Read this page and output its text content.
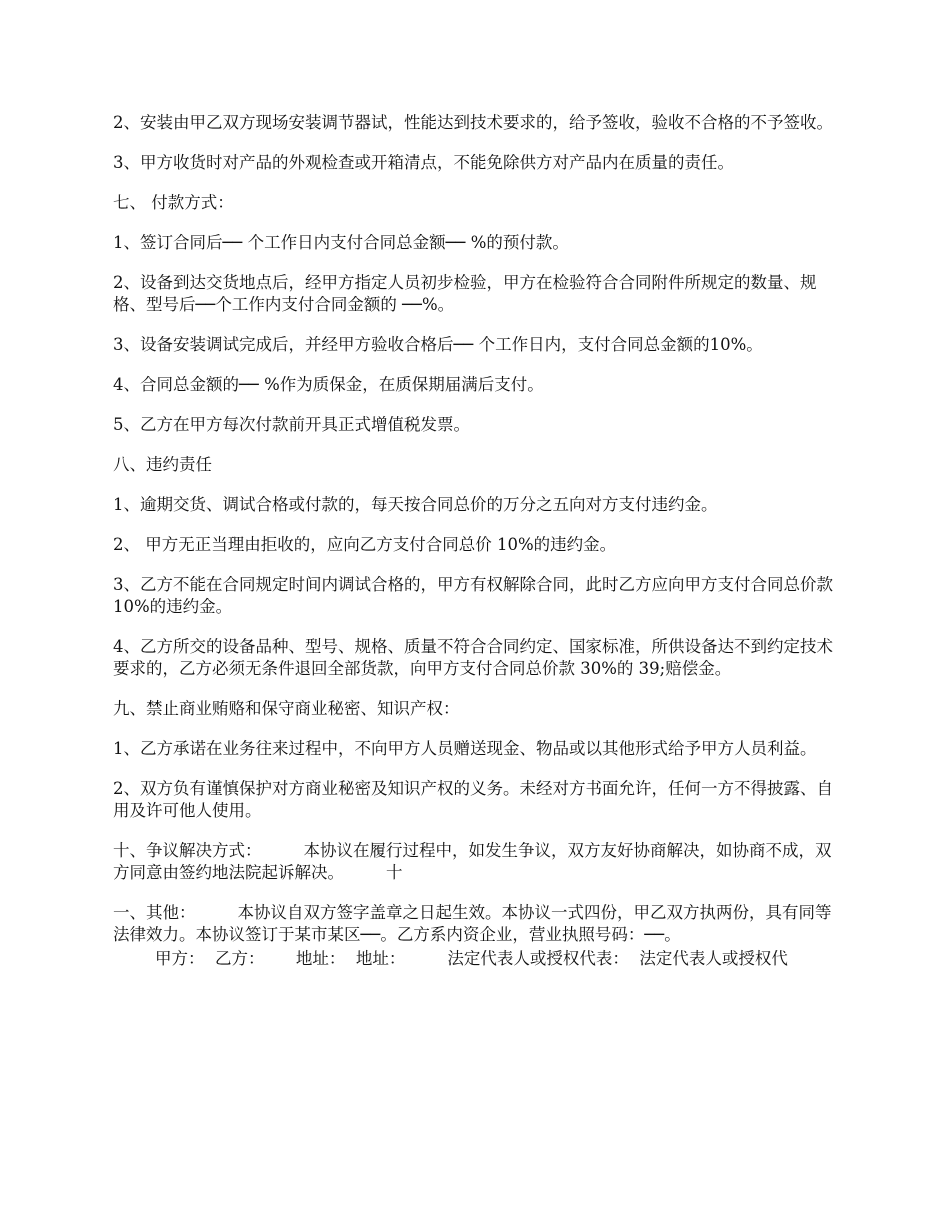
2、安装由甲乙双方现场安装调节器试，性能达到技术要求的，给予签收，验收不合格的不予签收。

3、甲方收货时对产品的外观检查或开箱清点，不能免除供方对产品内在质量的责任。

七、 付款方式：

1、签订合同后── 个工作日内支付合同总金额── %的预付款。

2、设备到达交货地点后，经甲方指定人员初步检验，甲方在检验符合合同附件所规定的数量、规格、型号后──个工作内支付合同金额的 ──%。

3、设备安装调试完成后，并经甲方验收合格后── 个工作日内，支付合同总金额的10%。

4、合同总金额的── %作为质保金，在质保期届满后支付。

5、乙方在甲方每次付款前开具正式增值税发票。

八、违约责任

1、逾期交货、调试合格或付款的，每天按合同总价的万分之五向对方支付违约金。

2、 甲方无正当理由拒收的，应向乙方支付合同总价 10%的违约金。

3、乙方不能在合同规定时间内调试合格的，甲方有权解除合同，此时乙方应向甲方支付合同总价款 10%的违约金。

4、乙方所交的设备品种、型号、规格、质量不符合合同约定、国家标准，所供设备达不到约定技术要求的，乙方必须无条件退回全部货款，向甲方支付合同总价款 30%的 39;赔偿金。

九、禁止商业贿赂和保守商业秘密、知识产权：

1、乙方承诺在业务往来过程中，不向甲方人员赠送现金、物品或以其他形式给予甲方人员利益。

2、双方负有谨慎保护对方商业秘密及知识产权的义务。未经对方书面允许，任何一方不得披露、自用及许可他人使用。

十、争议解决方式：        本协议在履行过程中，如发生争议，双方友好协商解决，如协商不成，双方同意由签约地法院起诉解决。        十

一、其他：        本协议自双方签字盖章之日起生效。本协议一式四份，甲乙双方执两份，具有同等法律效力。本协议签订于某市某区──。乙方系内资企业，营业执照号码：──。

甲方：  乙方：      地址：  地址：        法定代表人或授权代表：  法定代表人或授权代
